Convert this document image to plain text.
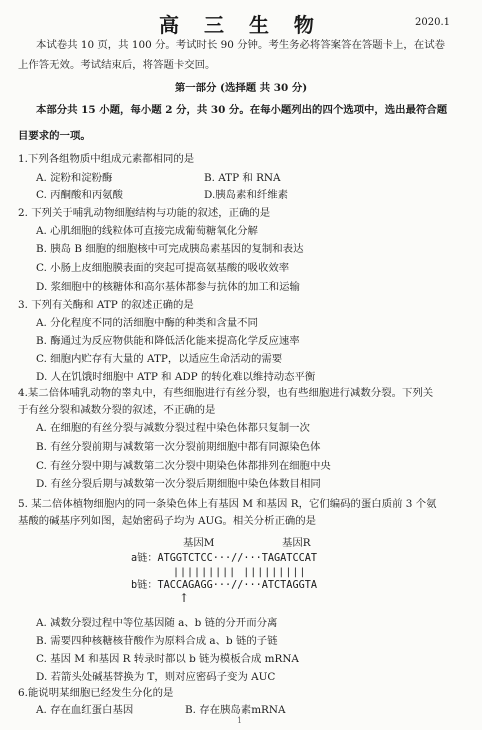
高 三 生 物	2020.1
本试卷共 10 页，共 100 分。考试时长 90 分钟。考生务必将答案答在答题卡上，在试卷
上作答无效。考试结束后，将答题卡交回。
第一部分 (选择题 共 30 分)
本部分共 15 小题，每小题 2 分，共 30 分。在每小题列出的四个选项中，选出最符合题
目要求的一项。
1.下列各组物质中组成元素都相同的是
A. 淀粉和淀粉酶	B. ATP 和 RNA
C. 丙酮酸和丙氨酸	D.胰岛素和纤维素
2. 下列关于哺乳动物细胞结构与功能的叙述，正确的是
A. 心肌细胞的线粒体可直接完成葡萄糖氧化分解
B. 胰岛 B 细胞的细胞核中可完成胰岛素基因的复制和表达
C. 小肠上皮细胞膜表面的突起可提高氨基酸的吸收效率
D. 浆细胞中的核糖体和高尔基体都参与抗体的加工和运输
3. 下列有关酶和 ATP 的叙述正确的是
A. 分化程度不同的活细胞中酶的种类和含量不同
B. 酶通过为反应物供能和降低活化能来提高化学反应速率
C. 细胞内贮存有大量的 ATP，以适应生命活动的需要
D. 人在饥饿时细胞中 ATP 和 ADP 的转化难以维持动态平衡
4.某二倍体哺乳动物的睾丸中，有些细胞进行有丝分裂，也有些细胞进行减数分裂。下列关
于有丝分裂和减数分裂的叙述，不正确的是
A. 在细胞的有丝分裂与减数分裂过程中染色体都只复制一次
B. 有丝分裂前期与减数第一次分裂前期细胞中都有同源染色体
C. 有丝分裂中期与减数第二次分裂中期染色体都排列在细胞中央
D. 有丝分裂后期与减数第一次分裂后期细胞中染色体数目相同
5. 某二倍体植物细胞内的同一条染色体上有基因 M 和基因 R，它们编码的蛋白质前 3 个氨
基酸的碱基序列如图，起始密码子均为 AUG。相关分析正确的是
基因M	基因R
a链：ATGGTCTCC···//···TAGATCCAT
||||||||| |||||||||
b链：TACCAGAGG···//···ATCTAGGTA
↑
A. 减数分裂过程中等位基因随 a、b 链的分开而分离
B. 需要四种核糖核苷酸作为原料合成 a、b 链的子链
C. 基因 M 和基因 R 转录时都以 b 链为模板合成 mRNA
D. 若箭头处碱基替换为 T，则对应密码子变为 AUC
6.能说明某细胞已经发生分化的是
A. 存在血红蛋白基因	B. 存在胰岛素mRNA
1
